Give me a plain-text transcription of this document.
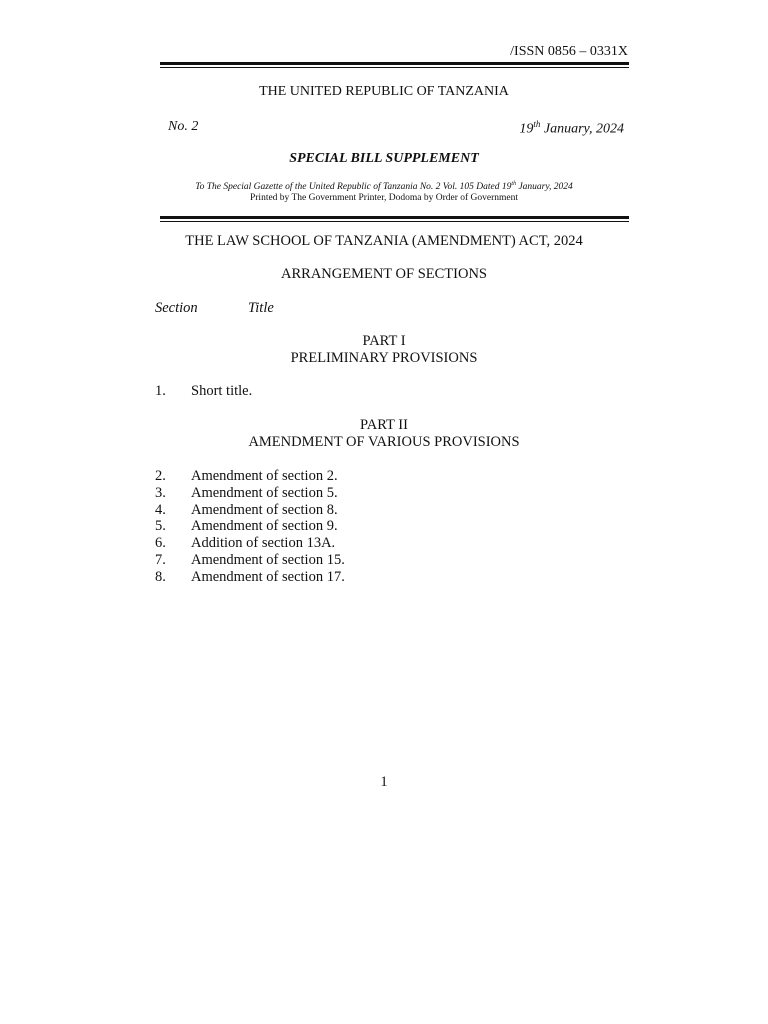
/ISSN 0856 – 0331X
THE UNITED REPUBLIC OF TANZANIA
No. 2	19th January, 2024
SPECIAL BILL SUPPLEMENT
To The Special Gazette of the United Republic of Tanzania No. 2 Vol. 105 Dated 19th January, 2024
Printed by The Government Printer, Dodoma by Order of Government
THE LAW SCHOOL OF TANZANIA (AMENDMENT) ACT, 2024
ARRANGEMENT OF SECTIONS
Section	Title
PART I
PRELIMINARY PROVISIONS
1. Short title.
PART II
AMENDMENT OF VARIOUS PROVISIONS
2. Amendment of section 2.
3. Amendment of section 5.
4. Amendment of section 8.
5. Amendment of section 9.
6. Addition of section 13A.
7. Amendment of section 15.
8. Amendment of section 17.
1
